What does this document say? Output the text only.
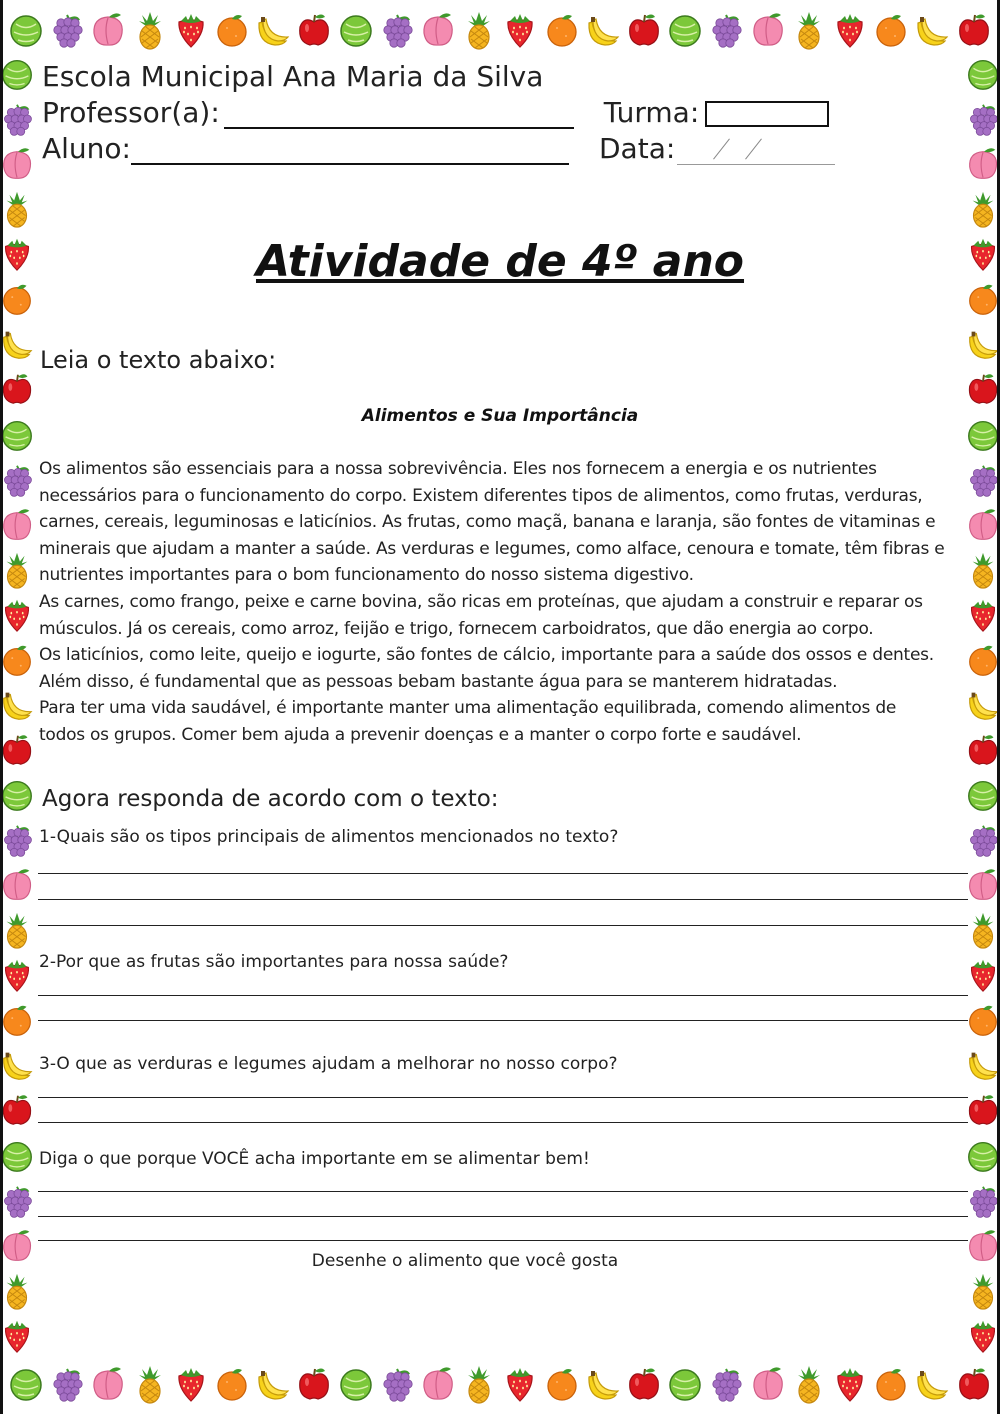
Escola Municipal Ana Maria da Silva
Professor(a):	Turma:
Aluno:	Data:
Atividade de 4º ano
Leia o texto abaixo:
Alimentos e Sua Importância
Os alimentos são essenciais para a nossa sobrevivência. Eles nos fornecem a energia e os nutrientes
necessários para o funcionamento do corpo. Existem diferentes tipos de alimentos, como frutas, verduras,
carnes, cereais, leguminosas e laticínios. As frutas, como maçã, banana e laranja, são fontes de vitaminas e
minerais que ajudam a manter a saúde. As verduras e legumes, como alface, cenoura e tomate, têm fibras e
nutrientes importantes para o bom funcionamento do nosso sistema digestivo.
As carnes, como frango, peixe e carne bovina, são ricas em proteínas, que ajudam a construir e reparar os
músculos. Já os cereais, como arroz, feijão e trigo, fornecem carboidratos, que dão energia ao corpo.
Os laticínios, como leite, queijo e iogurte, são fontes de cálcio, importante para a saúde dos ossos e dentes.
Além disso, é fundamental que as pessoas bebam bastante água para se manterem hidratadas.
Para ter uma vida saudável, é importante manter uma alimentação equilibrada, comendo alimentos de
todos os grupos. Comer bem ajuda a prevenir doenças e a manter o corpo forte e saudável.
Agora responda de acordo com o texto:
1-Quais são os tipos principais de alimentos mencionados no texto?
2-Por que as frutas são importantes para nossa saúde?
3-O que as verduras e legumes ajudam a melhorar no nosso corpo?
Diga o que porque VOCÊ acha importante em se alimentar bem!
Desenhe o alimento que você gosta
